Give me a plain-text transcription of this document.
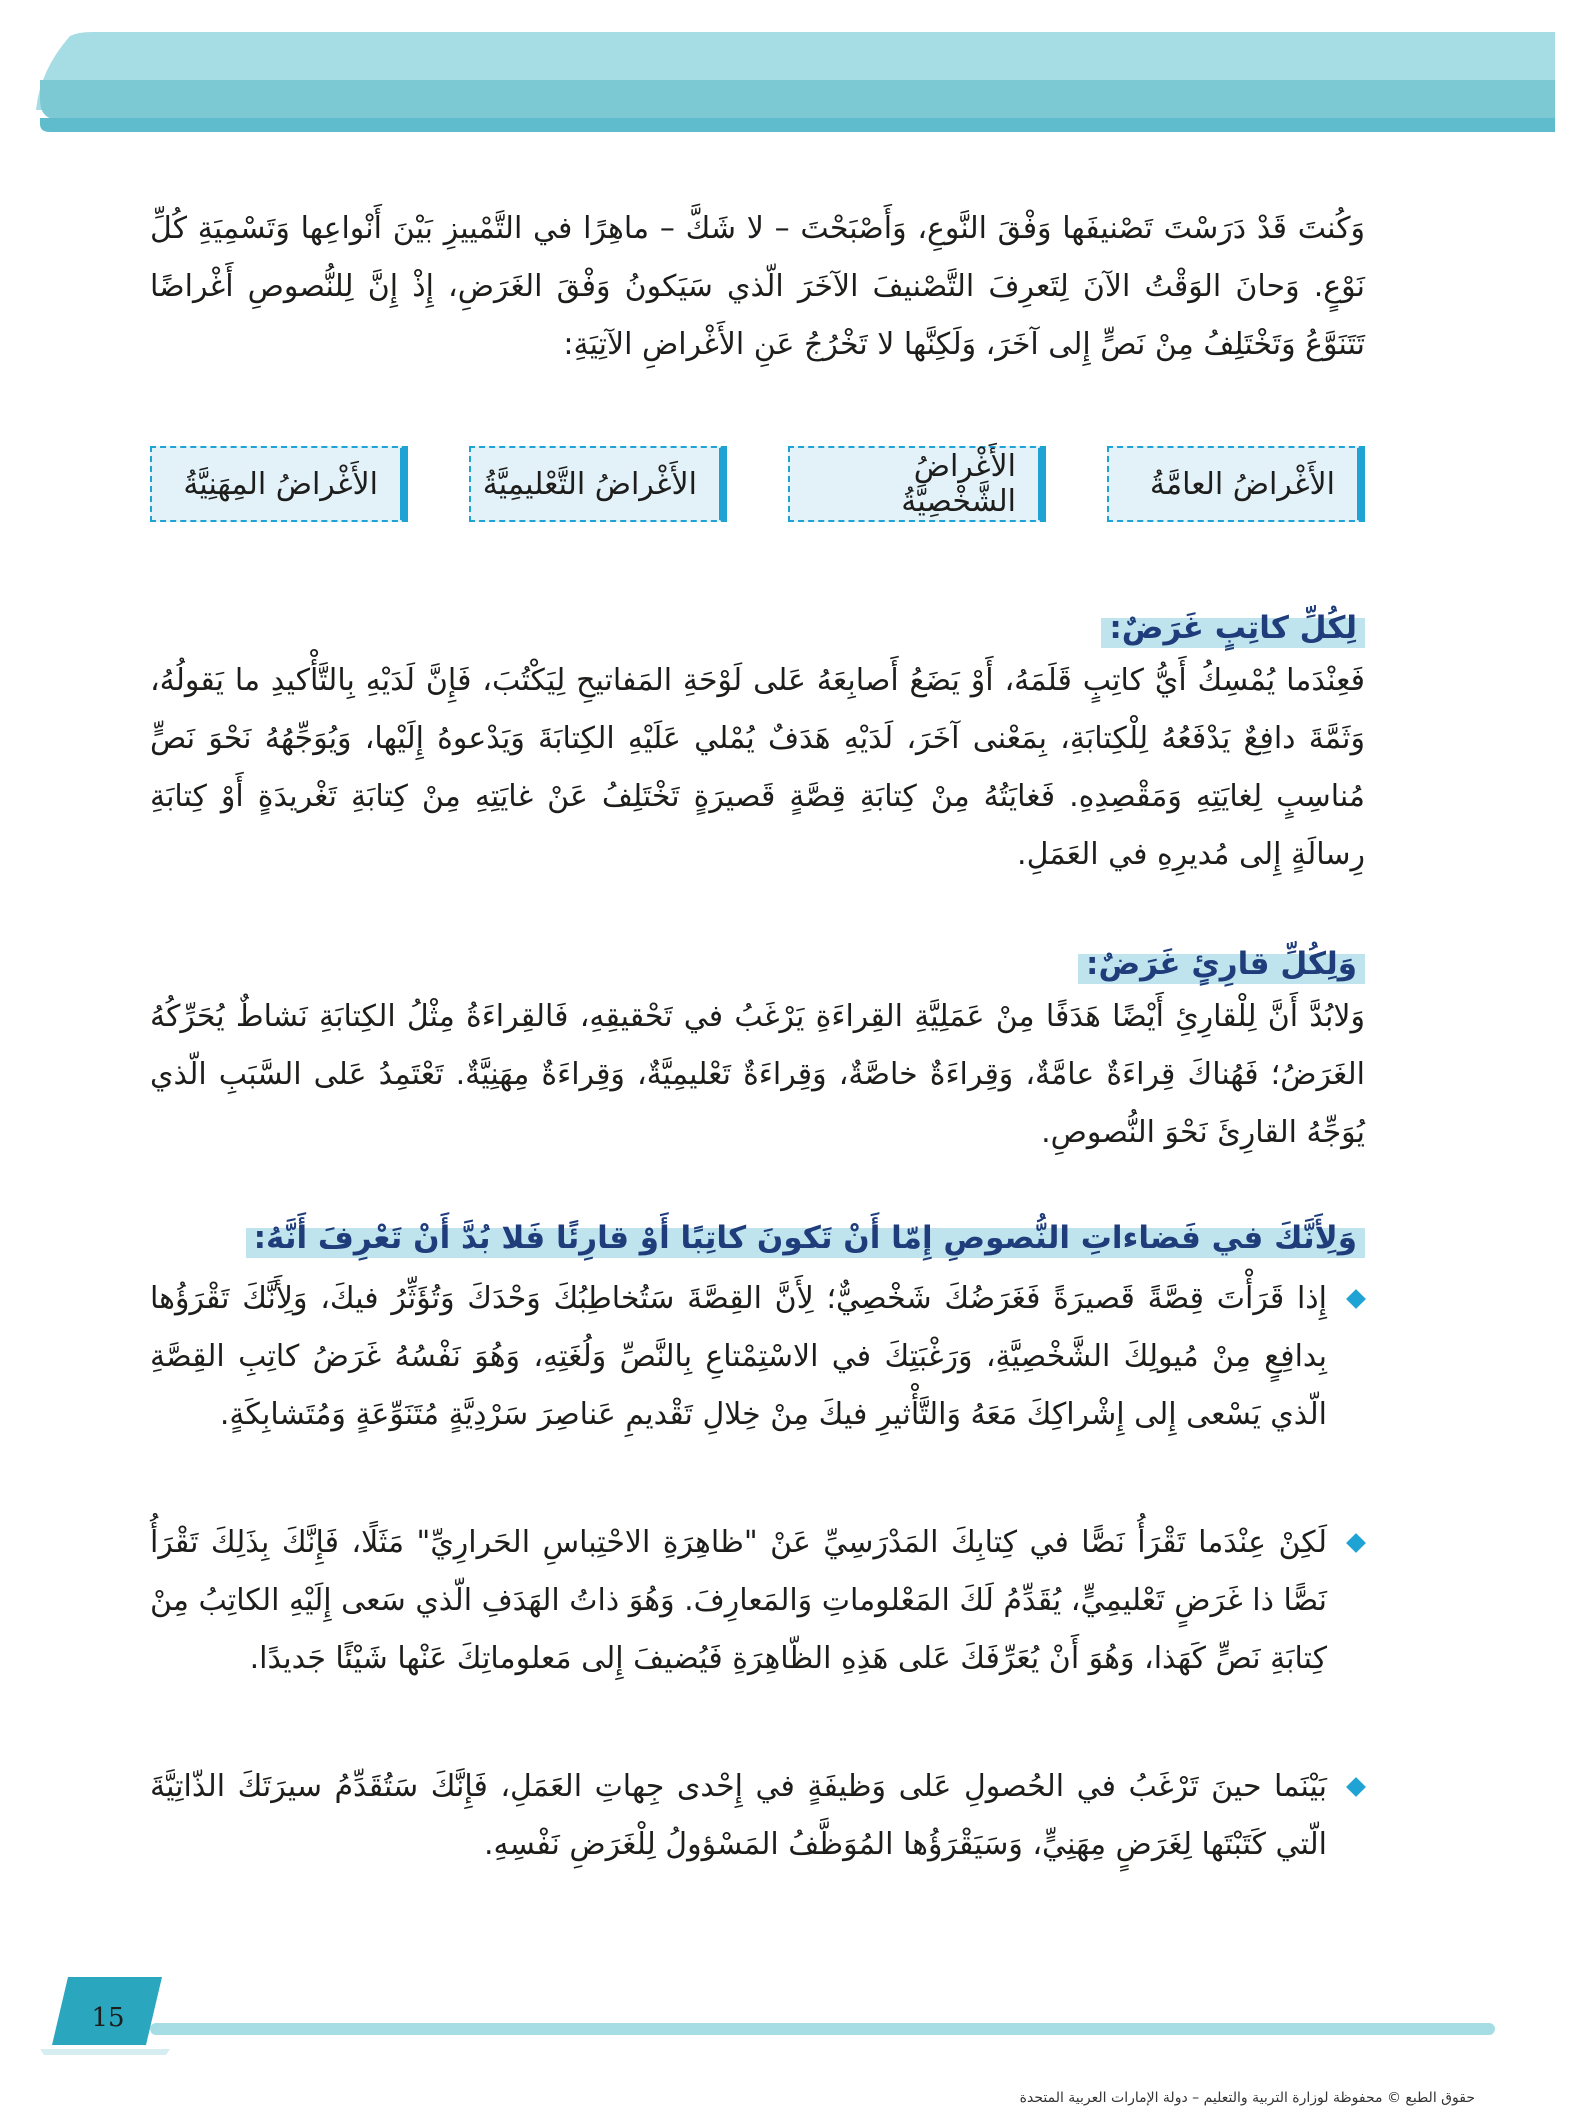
وَكُنتَ قَدْ دَرَسْتَ تَصْنيفَها وَفْقَ النَّوعِ، وَأَصْبَحْتَ – لا شَكَّ – ماهِرًا في التَّمْييزِ بَيْنَ أَنْواعِها وَتَسْمِيَةِ كُلِّ نَوْعٍ. وَحانَ الوَقْتُ الآنَ لِتَعرِفَ التَّصْنيفَ الآخَرَ الّذي سَيَكونُ وَفْقَ الغَرَضِ، إِذْ إِنَّ لِلنُّصوصِ أَغْراضًا تَتَنَوَّعُ وَتَخْتَلِفُ مِنْ نَصٍّ إِلى آخَرَ، وَلَكِنَّها لا تَخْرُجُ عَنِ الأَغْراضِ الآتِيَةِ:

الأَغْراضُ العامَّةُ
الأَغْراضُ الشَّخْصِيَّةُ
الأَغْراضُ التَّعْليمِيَّةُ
الأَغْراضُ المِهَنِيَّةُ
لِكُلِّ كاتِبٍ غَرَضٌ:

فَعِنْدَما يُمْسِكُ أَيُّ كاتِبٍ قَلَمَهُ، أَوْ يَضَعُ أَصابِعَهُ عَلى لَوْحَةِ المَفاتيحِ لِيَكْتُبَ، فَإِنَّ لَدَيْهِ بِالتَّأْكيدِ ما يَقولُهُ، وَثَمَّةَ دافِعٌ يَدْفَعُهُ لِلْكِتابَةِ، بِمَعْنى آخَرَ، لَدَيْهِ هَدَفٌ يُمْلي عَلَيْهِ الكِتابَةَ وَيَدْعوهُ إِلَيْها، وَيُوَجِّهُهُ نَحْوَ نَصٍّ مُناسِبٍ لِغايَتِهِ وَمَقْصِدِهِ. فَغايَتُهُ مِنْ كِتابَةِ قِصَّةٍ قَصيرَةٍ تَخْتَلِفُ عَنْ غايَتِهِ مِنْ كِتابَةِ تَغْريدَةٍ أَوْ كِتابَةِ رِسالَةٍ إِلى مُديرِهِ في العَمَلِ.

وَلِكُلِّ قارِئٍ غَرَضٌ:

وَلابُدَّ أَنَّ لِلْقارِئِ أَيْضًا هَدَفًا مِنْ عَمَلِيَّةِ القِراءَةِ يَرْغَبُ في تَحْقيقِهِ، فَالقِراءَةُ مِثْلُ الكِتابَةِ نَشاطٌ يُحَرِّكُهُ الغَرَضُ؛ فَهُناكَ قِراءَةٌ عامَّةٌ، وَقِراءَةٌ خاصَّةٌ، وَقِراءَةٌ تَعْليمِيَّةٌ، وَقِراءَةٌ مِهَنِيَّةٌ. تَعْتَمِدُ عَلى السَّبَبِ الّذي يُوَجِّهُ القارِئَ نَحْوَ النُّصوصِ.

وَلِأَنَّكَ في فَضاءاتِ النُّصوصِ إِمّا أَنْ تَكونَ كاتِبًا أَوْ قارِئًا فَلا بُدَّ أَنْ تَعْرِفَ أَنَّهُ:

إِذا قَرَأْتَ قِصَّةً قَصيرَةً فَغَرَضُكَ شَخْصِيٌّ؛ لِأَنَّ القِصَّةَ سَتُخاطِبُكَ وَحْدَكَ وَتُؤَثِّرُ فيكَ، وَلِأَنَّكَ تَقْرَؤُها بِدافِعٍ مِنْ مُيولِكَ الشَّخْصِيَّةِ، وَرَغْبَتِكَ في الاسْتِمْتاعِ بِالنَّصِّ وَلُغَتِهِ، وَهُوَ نَفْسُهُ غَرَضُ كاتِبِ القِصَّةِ الّذي يَسْعى إِلى إِشْراكِكَ مَعَهُ وَالتَّأْثيرِ فيكَ مِنْ خِلالِ تَقْديمِ عَناصِرَ سَرْدِيَّةٍ مُتَنَوِّعَةٍ وَمُتَشابِكَةٍ.

لَكِنْ عِنْدَما تَقْرَأُ نَصًّا في كِتابِكَ المَدْرَسِيِّ عَنْ "ظاهِرَةِ الاحْتِباسِ الحَرارِيِّ" مَثَلًا، فَإِنَّكَ بِذَلِكَ تَقْرَأُ نَصًّا ذا غَرَضٍ تَعْليمِيٍّ، يُقَدِّمُ لَكَ المَعْلوماتِ وَالمَعارِفَ. وَهُوَ ذاتُ الهَدَفِ الّذي سَعى إِلَيْهِ الكاتِبُ مِنْ كِتابَةِ نَصٍّ كَهَذا، وَهُوَ أَنْ يُعَرِّفَكَ عَلى هَذِهِ الظّاهِرَةِ فَيُضيفَ إِلى مَعلوماتِكَ عَنْها شَيْئًا جَديدًا.

بَيْنَما حينَ تَرْغَبُ في الحُصولِ عَلى وَظيفَةٍ في إِحْدى جِهاتِ العَمَلِ، فَإِنَّكَ سَتُقَدِّمُ سيرَتَكَ الذّاتِيَّةَ الّتي كَتَبْتَها لِغَرَضٍ مِهَنِيٍّ، وَسَيَقْرَؤُها المُوَظَّفُ المَسْؤولُ لِلْغَرَضِ نَفْسِهِ.

15
حقوق الطبع © محفوظة لوزارة التربية والتعليم – دولة الإمارات العربية المتحدة
